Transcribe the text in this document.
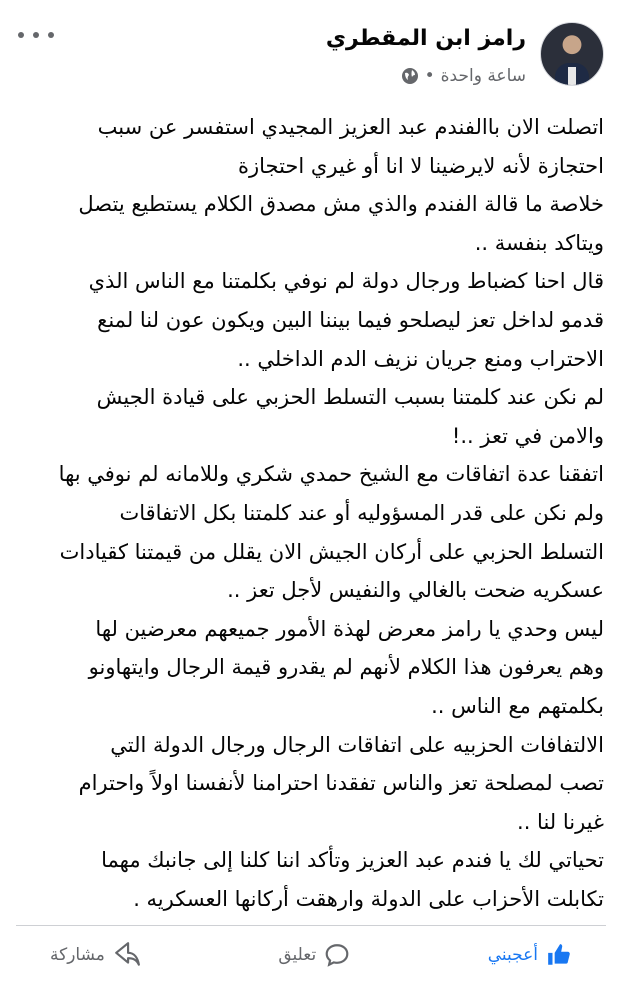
رامز ابن المقطري
ساعة واحدة
•

اتصلت الان باالفندم عبد العزيز المجيدي استفسر عن سبب

احتجازة لأنه لايرضينا لا انا أو غيري احتجازة

خلاصة ما قالة الفندم والذي مش مصدق الكلام يستطيع يتصل

ويتاكد بنفسة ..

قال احنا كضباط ورجال دولة لم نوفي بكلمتنا مع الناس الذي

قدمو لداخل تعز ليصلحو فيما بيننا البين ويكون عون لنا لمنع

الاحتراب ومنع جريان نزيف الدم الداخلي ..

لم نكن عند كلمتنا بسبب التسلط الحزبي على قيادة الجيش

والامن في تعز ..!

اتفقنا عدة اتفاقات مع الشيخ حمدي شكري وللامانه لم نوفي بها

ولم نكن على قدر المسؤوليه أو عند كلمتنا بكل الاتفاقات

التسلط الحزبي على أركان الجيش الان يقلل من قيمتنا كقيادات

عسكريه ضحت بالغالي والنفيس لأجل تعز ..

ليس وحدي يا رامز معرض لهذة الأمور جميعهم معرضين لها

وهم يعرفون هذا الكلام لأنهم لم يقدرو قيمة الرجال وايتهاونو

بكلمتهم مع الناس ..

الالتفافات الحزبيه على اتفاقات الرجال ورجال الدولة التي

تصب لمصلحة تعز والناس تفقدنا احترامنا لأنفسنا اولاً واحترام

غيرنا لنا ..

تحياتي لك يا فندم عبد العزيز وتأكد اننا كلنا إلى جانبك مهما

تكابلت الأحزاب على الدولة وارهقت أركانها العسكريه .

أعجبني
تعليق
مشاركة
